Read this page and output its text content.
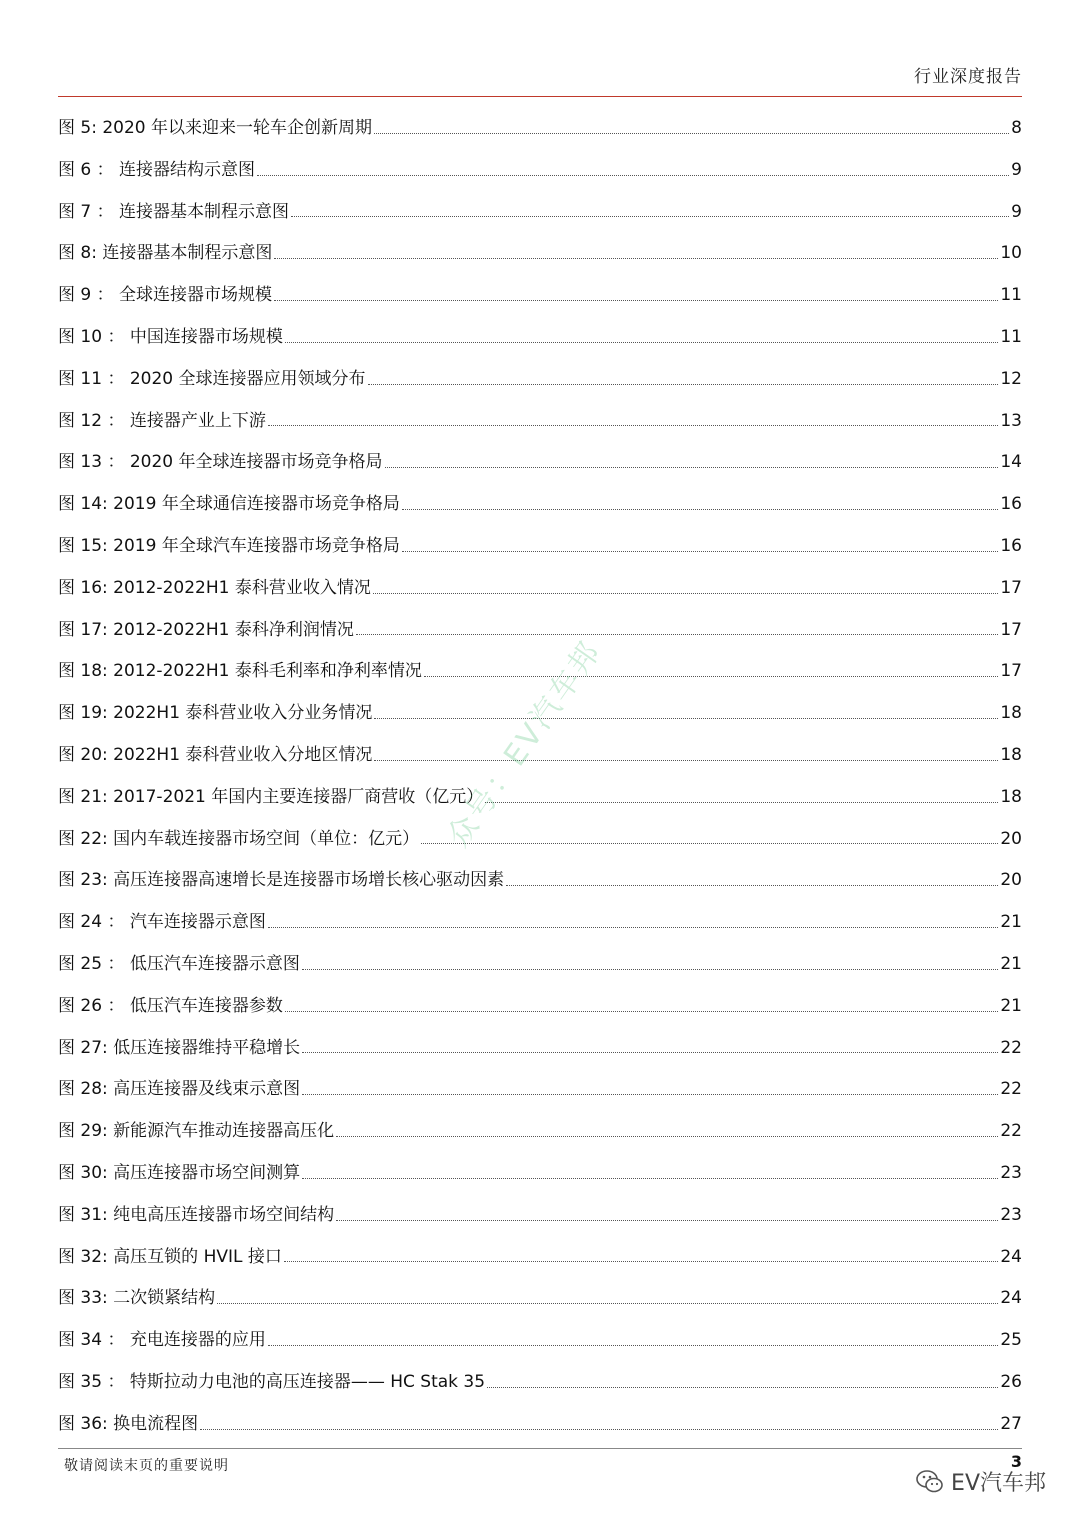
行业深度报告
图 5: 2020 年以来迎来一轮车企创新周期	8
图 6 ： 连接器结构示意图	9
图 7 ： 连接器基本制程示意图	9
图 8: 连接器基本制程示意图	10
图 9 ： 全球连接器市场规模	11
图 10 ： 中国连接器市场规模	11
图 11 ： 2020 全球连接器应用领域分布	12
图 12 ： 连接器产业上下游	13
图 13 ： 2020 年全球连接器市场竞争格局	14
图 14: 2019 年全球通信连接器市场竞争格局	16
图 15: 2019 年全球汽车连接器市场竞争格局	16
图 16: 2012-2022H1 泰科营业收入情况	17
图 17: 2012-2022H1 泰科净利润情况	17
图 18: 2012-2022H1 泰科毛利率和净利率情况	17
图 19: 2022H1 泰科营业收入分业务情况	18
图 20: 2022H1 泰科营业收入分地区情况	18
图 21: 2017-2021 年国内主要连接器厂商营收（亿元）	18
图 22: 国内车载连接器市场空间（单位：亿元）	20
图 23: 高压连接器高速增长是连接器市场增长核心驱动因素	20
图 24 ： 汽车连接器示意图	21
图 25 ： 低压汽车连接器示意图	21
图 26 ： 低压汽车连接器参数	21
图 27: 低压连接器维持平稳增长	22
图 28: 高压连接器及线束示意图	22
图 29: 新能源汽车推动连接器高压化	22
图 30: 高压连接器市场空间测算	23
图 31: 纯电高压连接器市场空间结构	23
图 32: 高压互锁的 HVIL 接口	24
图 33: 二次锁紧结构	24
图 34 ： 充电连接器的应用	25
图 35 ： 特斯拉动力电池的高压连接器—— HC Stak 35	26
图 36: 换电流程图	27
众号：EV汽车邦
敬请阅读末页的重要说明	3
EV汽车邦
